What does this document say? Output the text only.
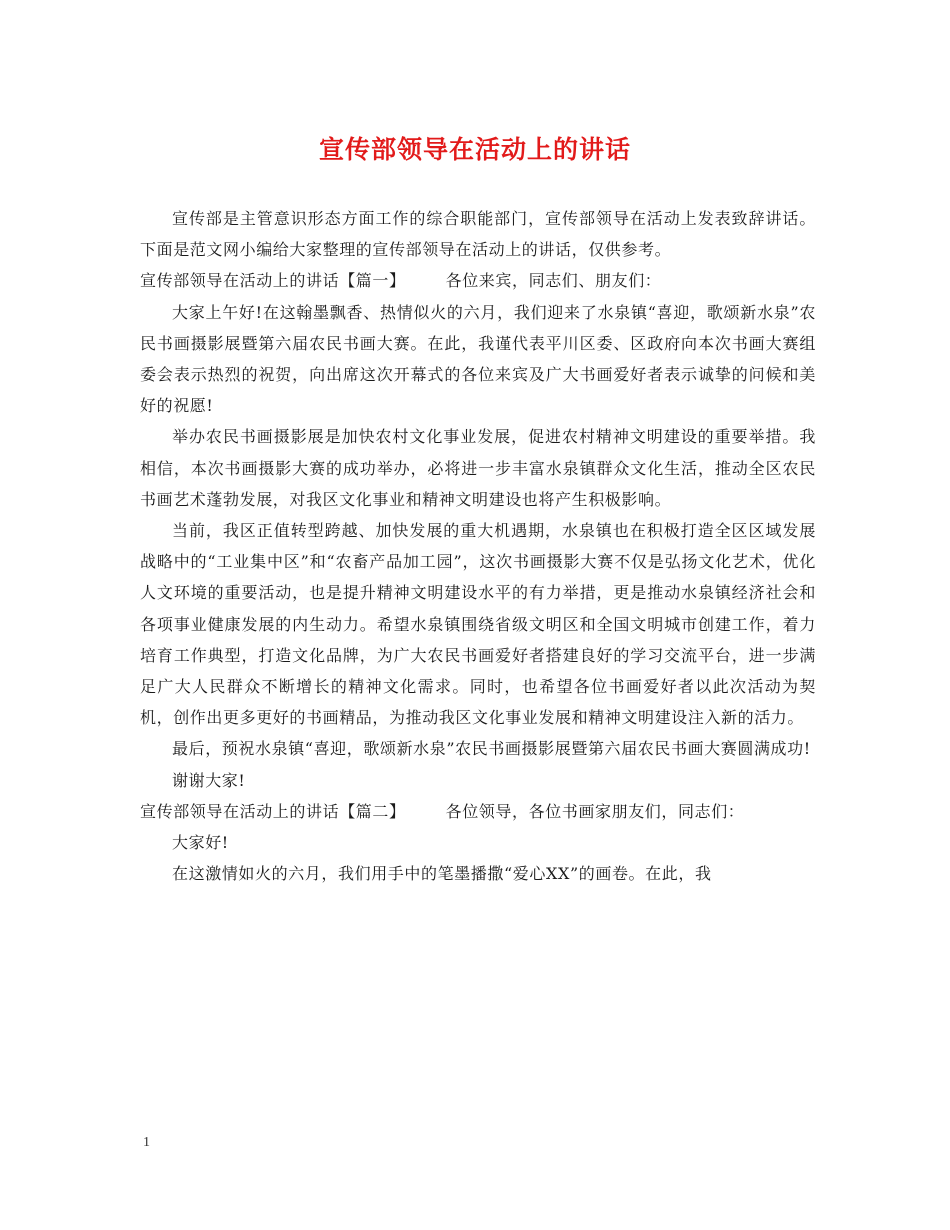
宣传部领导在活动上的讲话

宣传部是主管意识形态方面工作的综合职能部门，宣传部领导在活动上发表致辞讲话。下面是范文网小编给大家整理的宣传部领导在活动上的讲话，仅供参考。

宣传部领导在活动上的讲话【篇一】	各位来宾，同志们、朋友们：

大家上午好!在这翰墨飘香、热情似火的六月，我们迎来了水泉镇“喜迎，歌颂新水泉”农民书画摄影展暨第六届农民书画大赛。在此，我谨代表平川区委、区政府向本次书画大赛组委会表示热烈的祝贺，向出席这次开幕式的各位来宾及广大书画爱好者表示诚挚的问候和美好的祝愿!

举办农民书画摄影展是加快农村文化事业发展，促进农村精神文明建设的重要举措。我相信，本次书画摄影大赛的成功举办，必将进一步丰富水泉镇群众文化生活，推动全区农民书画艺术蓬勃发展，对我区文化事业和精神文明建设也将产生积极影响。

当前，我区正值转型跨越、加快发展的重大机遇期，水泉镇也在积极打造全区区域发展战略中的“工业集中区”和“农畜产品加工园”，这次书画摄影大赛不仅是弘扬文化艺术，优化人文环境的重要活动，也是提升精神文明建设水平的有力举措，更是推动水泉镇经济社会和各项事业健康发展的内生动力。希望水泉镇围绕省级文明区和全国文明城市创建工作，着力培育工作典型，打造文化品牌，为广大农民书画爱好者搭建良好的学习交流平台，进一步满足广大人民群众不断增长的精神文化需求。同时，也希望各位书画爱好者以此次活动为契机，创作出更多更好的书画精品，为推动我区文化事业发展和精神文明建设注入新的活力。

最后，预祝水泉镇“喜迎，歌颂新水泉”农民书画摄影展暨第六届农民书画大赛圆满成功!

谢谢大家!

宣传部领导在活动上的讲话【篇二】	各位领导，各位书画家朋友们，同志们：

大家好!

在这激情如火的六月，我们用手中的笔墨播撒“爱心XX”的画卷。在此，我

1
